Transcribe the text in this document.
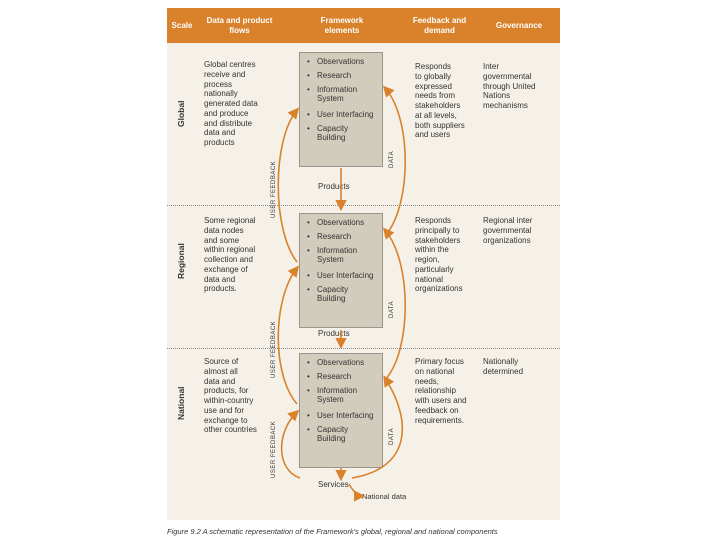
Scale
Data and product
flows
Framework
elements
Feedback and
demand
Governance
Global
Regional
National
Global centres
receive and
process
nationally
generated data
and produce
and distribute
data and
products
Some regional
data nodes
and some
within regional
collection and
exchange of
data and
products.
Source of
almost all
data and
products, for
within-country
use and for
exchange to
other countries
Responds
to globally
expressed
needs from
stakeholders
at all levels,
both suppliers
and users
Responds
principally to
stakeholders
within the
region,
particularly
national
organizations
Primary focus
on national
needs,
relationship
with users and
feedback on
requirements.
Inter
governmental
through United
Nations
mechanisms
Regional inter
governmental
organizations
Nationally
determined
• Observations
• Research
• Information
System
• User Interfacing
• Capacity
Building
• Observations
• Research
• Information
System
• User Interfacing
• Capacity
Building
• Observations
• Research
• Information
System
• User Interfacing
• Capacity
Building
Products
Products
Services
National data
USER FEEDBACK
USER FEEDBACK
USER FEEDBACK
DATA
DATA
DATA
Figure 9.2 A schematic representation of the Framework's global, regional and national components
